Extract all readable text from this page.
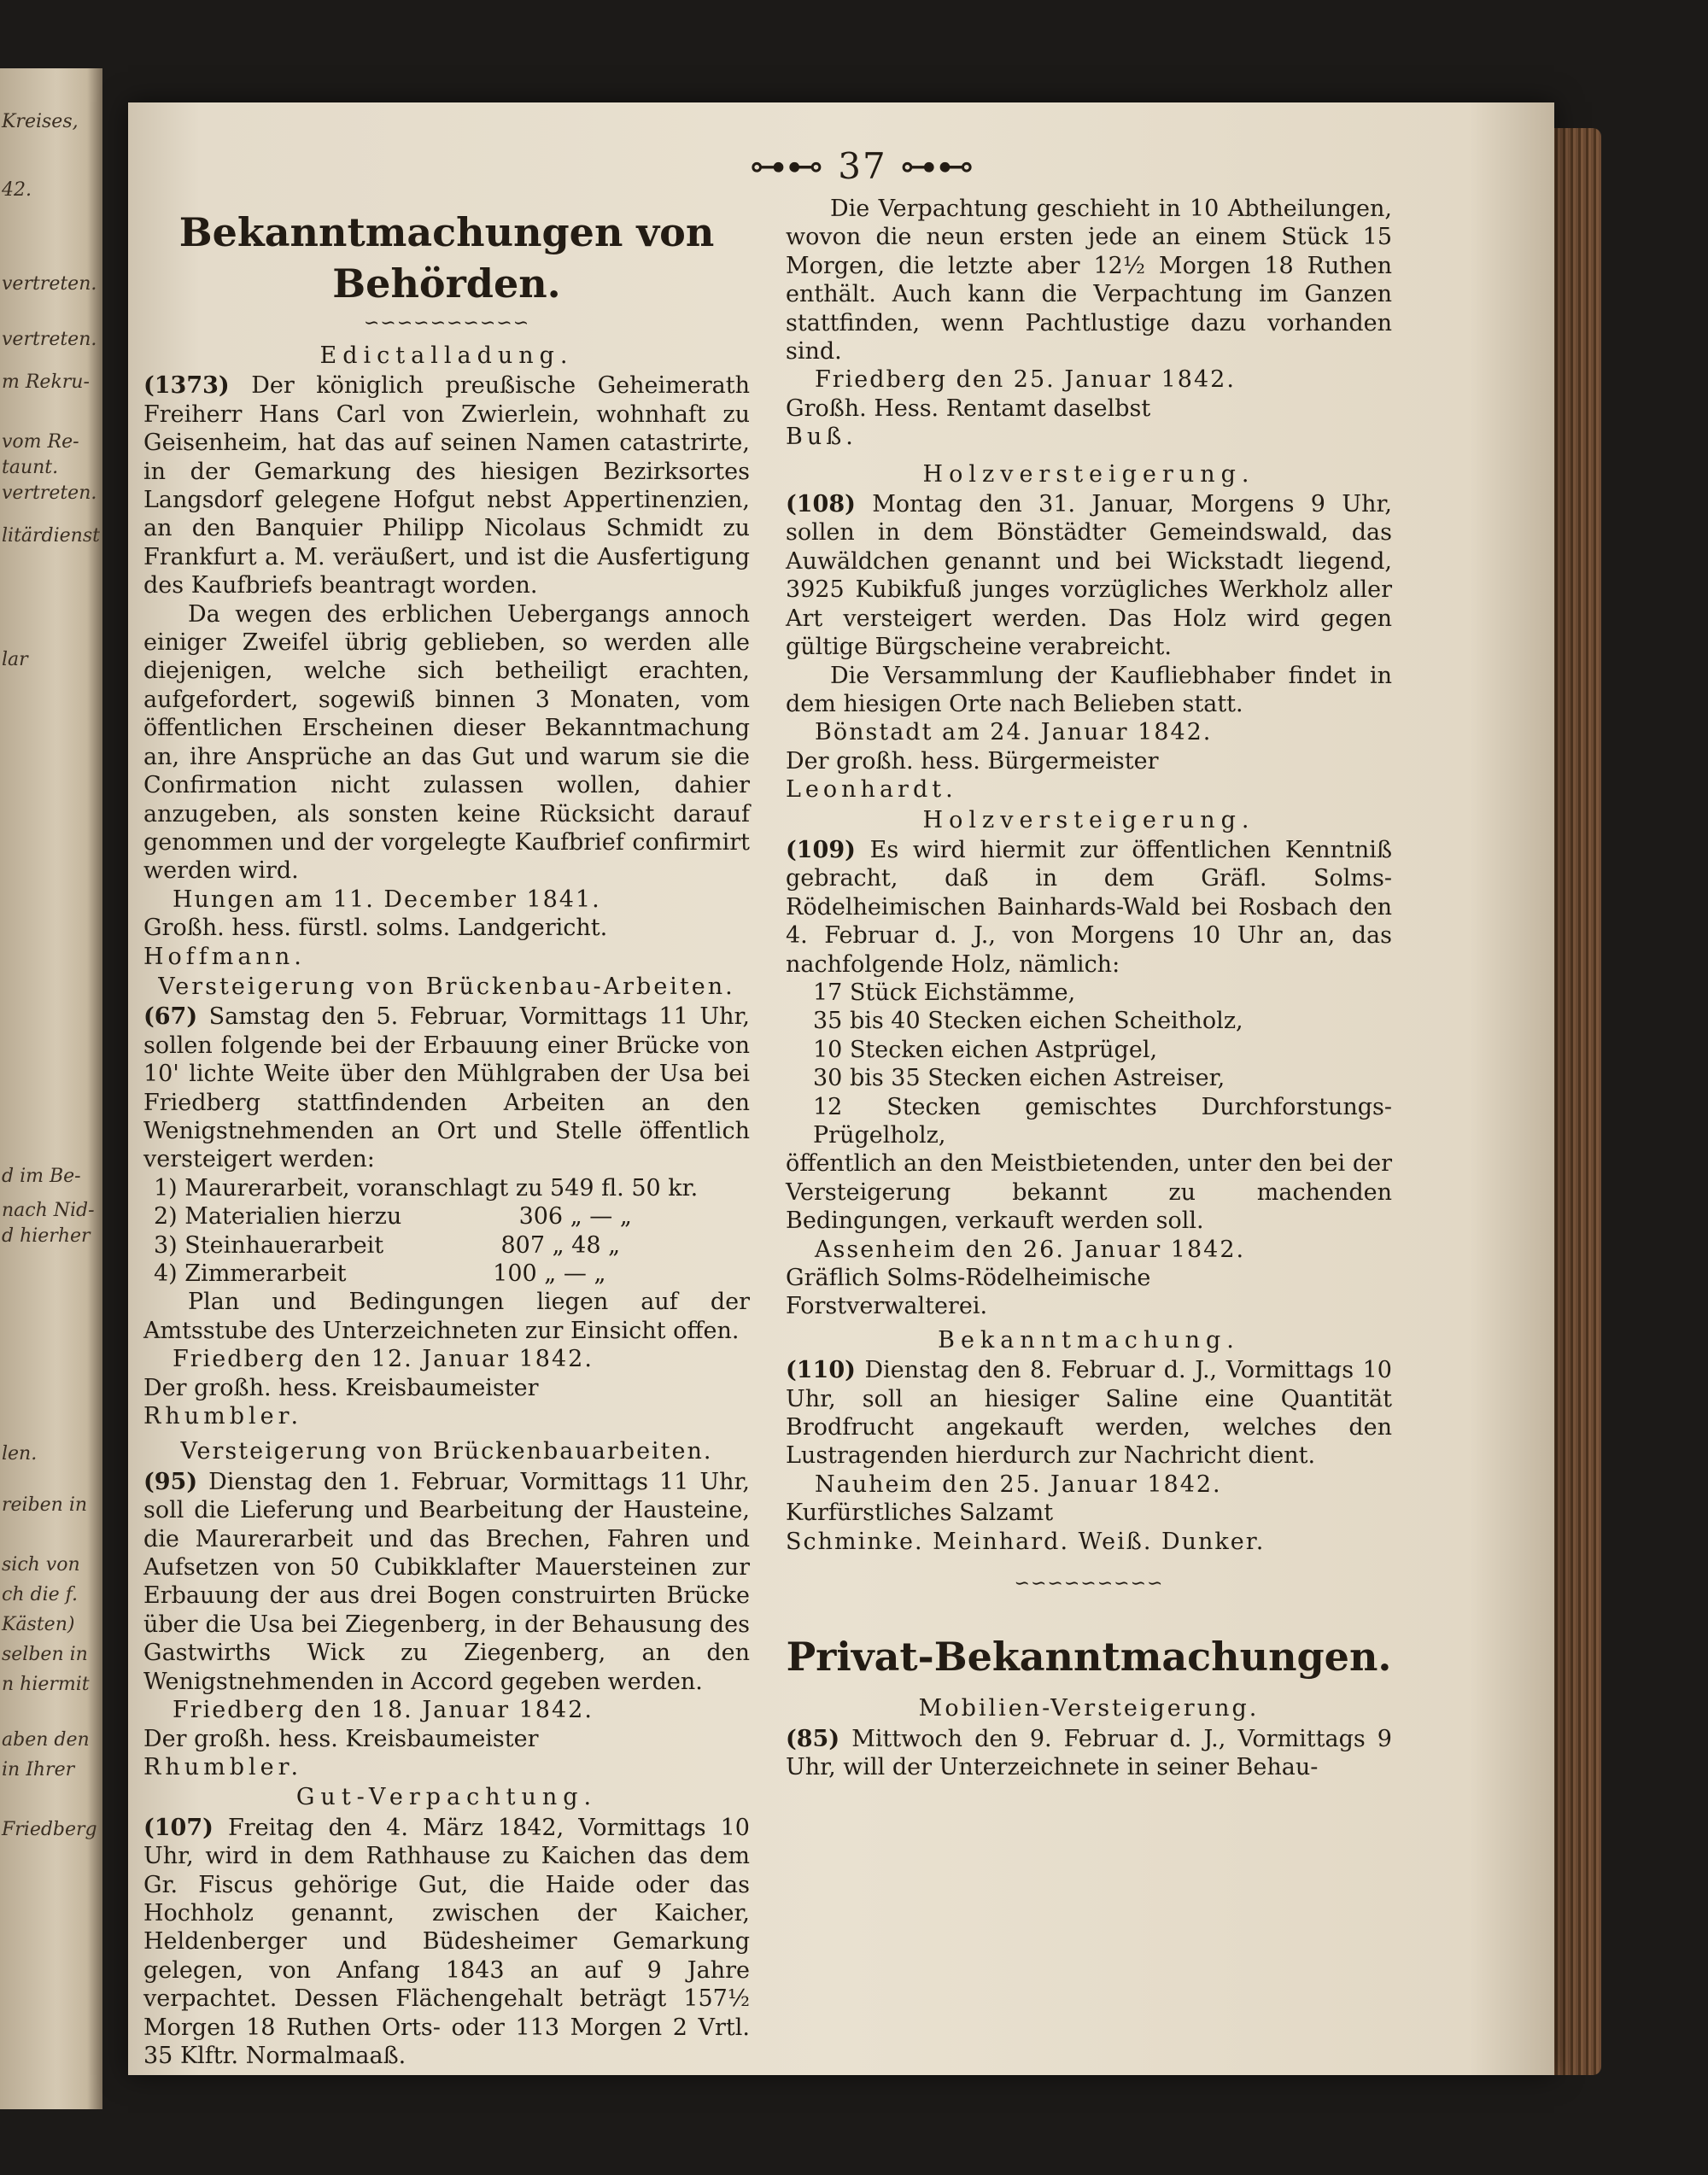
Kreises,
42.
vertreten.
vertreten.
m Rekru-
vom Re-
taunt.
vertreten.
litärdienst
lar
d im Be-
nach Nid-
d hierher
len.
reiben in
sich von
ch die f.
Kästen)
selben in
n hiermit
aben den
in Ihrer
Friedberg
⊶⊷ 37 ⊶⊷
Bekanntmachungen von Behörden.
∽∽∽∽∽∽∽∽∽∽
Edictalladung.

(1373) Der königlich preußische Geheimerath Freiherr Hans Carl von Zwierlein, wohnhaft zu Geisenheim, hat das auf seinen Namen catastrirte, in der Gemarkung des hiesigen Bezirksortes Langsdorf gelegene Hofgut nebst Appertinenzien, an den Banquier Philipp Nicolaus Schmidt zu Frankfurt a. M. veräußert, und ist die Ausfertigung des Kaufbriefs beantragt worden.

Da wegen des erblichen Uebergangs annoch einiger Zweifel übrig geblieben, so werden alle diejenigen, welche sich betheiligt erachten, aufgefordert, sogewiß binnen 3 Monaten, vom öffentlichen Erscheinen dieser Bekanntmachung an, ihre Ansprüche an das Gut und warum sie die Confirmation nicht zulassen wollen, dahier anzugeben, als sonsten keine Rücksicht darauf genommen und der vorgelegte Kaufbrief confirmirt werden wird.

Hungen am 11. December 1841.

Großh. hess. fürstl. solms. Landgericht.

Hoffmann.

Versteigerung von Brückenbau-Arbeiten.

(67) Samstag den 5. Februar, Vormittags 11 Uhr, sollen folgende bei der Erbauung einer Brücke von 10' lichte Weite über den Mühlgraben der Usa bei Friedberg stattfindenden Arbeiten an den Wenigstnehmenden an Ort und Stelle öffentlich versteigert werden:

1) Maurerarbeit, voranschlagt zu 549 fl. 50 kr.

2) Materialien hierzu                306 „ — „

3) Steinhauerarbeit                807 „ 48 „

4) Zimmerarbeit                    100 „ — „

Plan und Bedingungen liegen auf der Amtsstube des Unterzeichneten zur Einsicht offen.

Friedberg den 12. Januar 1842.

Der großh. hess. Kreisbaumeister

Rhumbler.

Versteigerung von Brückenbauarbeiten.

(95) Dienstag den 1. Februar, Vormittags 11 Uhr, soll die Lieferung und Bearbeitung der Hausteine, die Maurerarbeit und das Brechen, Fahren und Aufsetzen von 50 Cubikklafter Mauersteinen zur Erbauung der aus drei Bogen construirten Brücke über die Usa bei Ziegenberg, in der Behausung des Gastwirths Wick zu Ziegenberg, an den Wenigstnehmenden in Accord gegeben werden.

Friedberg den 18. Januar 1842.

Der großh. hess. Kreisbaumeister

Rhumbler.

Gut-Verpachtung.

(107) Freitag den 4. März 1842, Vormittags 10 Uhr, wird in dem Rathhause zu Kaichen das dem Gr. Fiscus gehörige Gut, die Haide oder das Hochholz genannt, zwischen der Kaicher, Heldenberger und Büdesheimer Gemarkung gelegen, von Anfang 1843 an auf 9 Jahre verpachtet. Dessen Flächengehalt beträgt 157½ Morgen 18 Ruthen Orts- oder 113 Morgen 2 Vrtl. 35 Klftr. Normalmaaß.

Die Verpachtung geschieht in 10 Abtheilungen, wovon die neun ersten jede an einem Stück 15 Morgen, die letzte aber 12½ Morgen 18 Ruthen enthält. Auch kann die Verpachtung im Ganzen stattfinden, wenn Pachtlustige dazu vorhanden sind.

Friedberg den 25. Januar 1842.

Großh. Hess. Rentamt daselbst

Buß.

Holzversteigerung.

(108) Montag den 31. Januar, Morgens 9 Uhr, sollen in dem Bönstädter Gemeindswald, das Auwäldchen genannt und bei Wickstadt liegend, 3925 Kubikfuß junges vorzügliches Werkholz aller Art versteigert werden. Das Holz wird gegen gültige Bürgscheine verabreicht.

Die Versammlung der Kaufliebhaber findet in dem hiesigen Orte nach Belieben statt.

Bönstadt am 24. Januar 1842.

Der großh. hess. Bürgermeister

Leonhardt.

Holzversteigerung.

(109) Es wird hiermit zur öffentlichen Kenntniß gebracht, daß in dem Gräfl. Solms-Rödelheimischen Bainhards-Wald bei Rosbach den 4. Februar d. J., von Morgens 10 Uhr an, das nachfolgende Holz, nämlich:

17 Stück Eichstämme,

35 bis 40 Stecken eichen Scheitholz,

10 Stecken eichen Astprügel,

30 bis 35 Stecken eichen Astreiser,

12 Stecken gemischtes Durchforstungs-Prügelholz,

öffentlich an den Meistbietenden, unter den bei der Versteigerung bekannt zu machenden Bedingungen, verkauft werden soll.

Assenheim den 26. Januar 1842.

Gräflich Solms-Rödelheimische

Forstverwalterei.

Bekanntmachung.

(110) Dienstag den 8. Februar d. J., Vormittags 10 Uhr, soll an hiesiger Saline eine Quantität Brodfrucht angekauft werden, welches den Lustragenden hierdurch zur Nachricht dient.

Nauheim den 25. Januar 1842.

Kurfürstliches Salzamt

Schminke. Meinhard. Weiß. Dunker.

∽∽∽∽∽∽∽∽∽
Privat-Bekanntmachungen.
Mobilien-Versteigerung.

(85) Mittwoch den 9. Februar d. J., Vormittags 9 Uhr, will der Unterzeichnete in seiner Behau-
